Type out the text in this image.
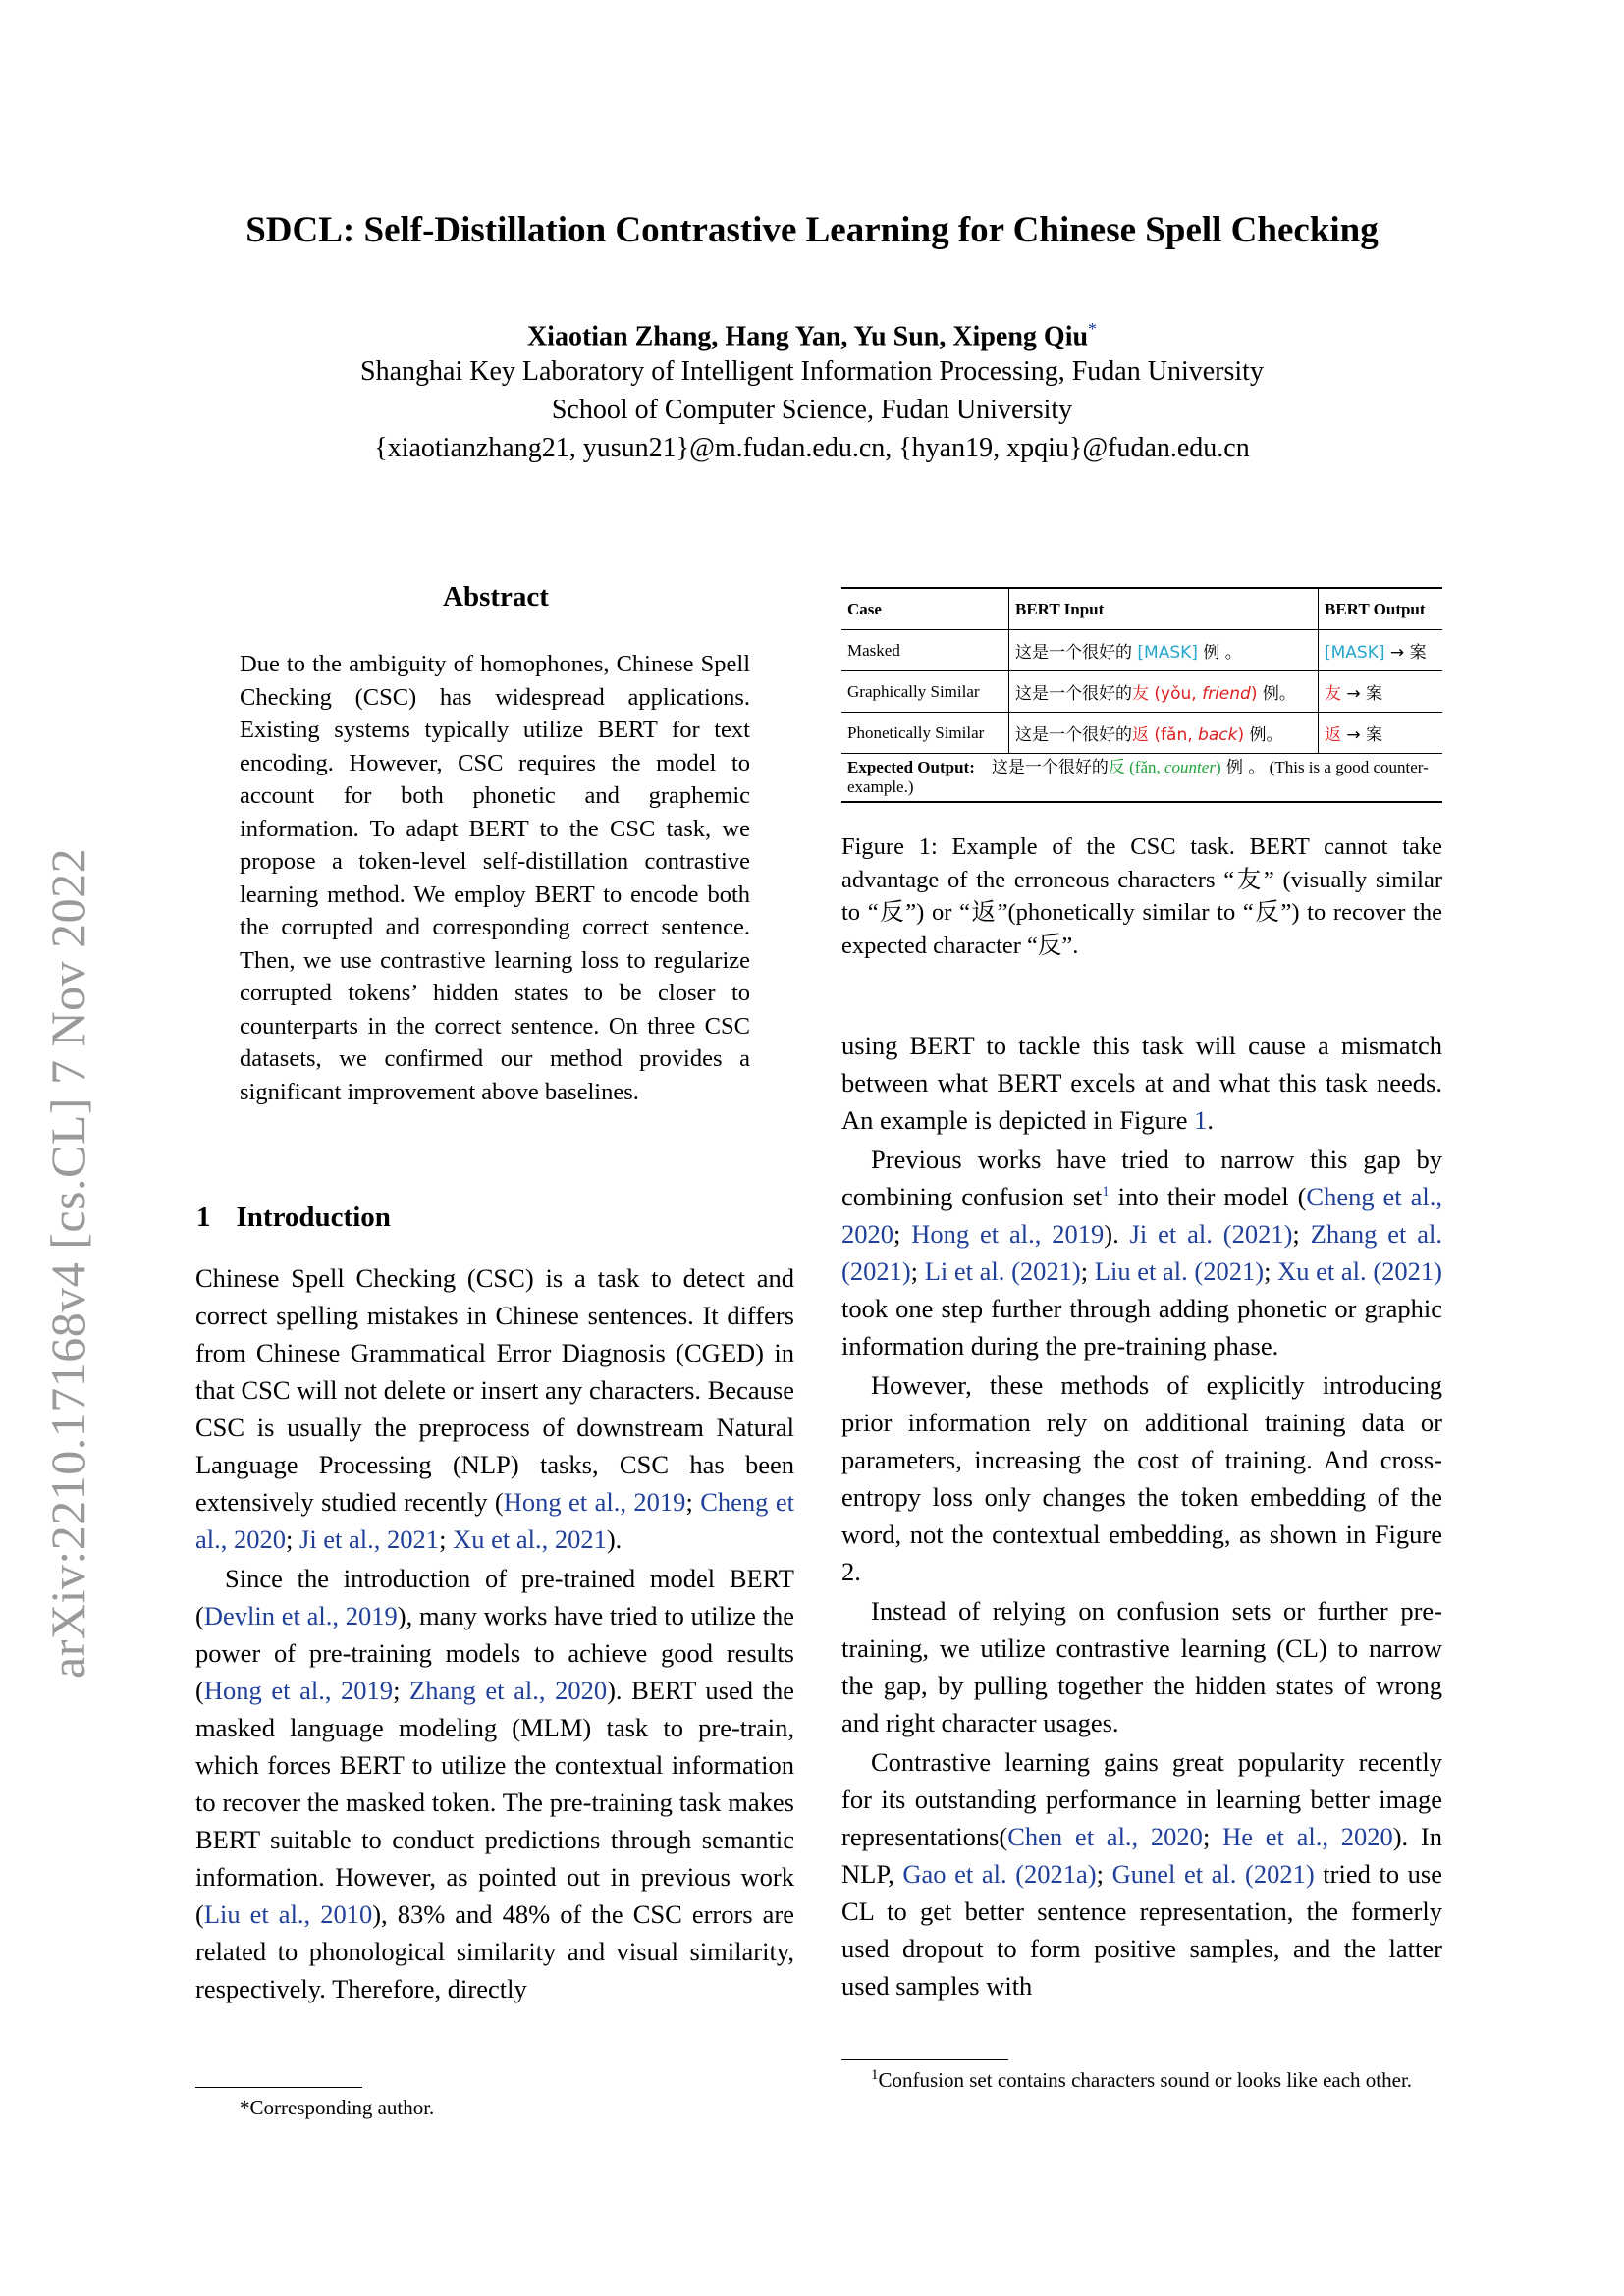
arXiv:2210.17168v4 [cs.CL] 7 Nov 2022
SDCL: Self-Distillation Contrastive Learning for Chinese Spell Checking
Xiaotian Zhang, Hang Yan, Yu Sun, Xipeng Qiu*
Shanghai Key Laboratory of Intelligent Information Processing, Fudan University
School of Computer Science, Fudan University
{xiaotianzhang21, yusun21}@m.fudan.edu.cn, {hyan19, xpqiu}@fudan.edu.cn
Abstract
Due to the ambiguity of homophones, Chinese Spell Checking (CSC) has widespread applications. Existing systems typically utilize BERT for text encoding. However, CSC requires the model to account for both phonetic and graphemic information. To adapt BERT to the CSC task, we propose a token-level self-distillation contrastive learning method. We employ BERT to encode both the corrupted and corresponding correct sentence. Then, we use contrastive learning loss to regularize corrupted tokens’ hidden states to be closer to counterparts in the correct sentence. On three CSC datasets, we confirmed our method provides a significant improvement above baselines.
1 Introduction
Case	BERT Input	BERT Output
Masked	这是一个很好的 [MASK] 例 。	[MASK] → 案
Graphically Similar	这是一个很好的友 (yǒu, friend) 例。	友 → 案
Phonetically Similar	这是一个很好的返 (fǎn, back) 例。	返 → 案
Expected Output: 这是一个很好的反 (fǎn, counter) 例 。 (This is a good counter-example.)		
Figure 1: Example of the CSC task. BERT cannot take advantage of the erroneous characters “友” (visually similar to “反”) or “返”(phonetically similar to “反”) to recover the expected character “反”.

Chinese Spell Checking (CSC) is a task to detect and correct spelling mistakes in Chinese sentences. It differs from Chinese Grammatical Error Diagnosis (CGED) in that CSC will not delete or insert any characters. Because CSC is usually the preprocess of downstream Natural Language Processing (NLP) tasks, CSC has been extensively studied recently (Hong et al., 2019; Cheng et al., 2020; Ji et al., 2021; Xu et al., 2021).

Since the introduction of pre-trained model BERT (Devlin et al., 2019), many works have tried to utilize the power of pre-training models to achieve good results (Hong et al., 2019; Zhang et al., 2020). BERT used the masked language modeling (MLM) task to pre-train, which forces BERT to utilize the contextual information to recover the masked token. The pre-training task makes BERT suitable to conduct predictions through semantic information. However, as pointed out in previous work (Liu et al., 2010), 83% and 48% of the CSC errors are related to phonological similarity and visual similarity, respectively. Therefore, directly

using BERT to tackle this task will cause a mismatch between what BERT excels at and what this task needs. An example is depicted in Figure 1.

Previous works have tried to narrow this gap by combining confusion set$^1$ into their model (Cheng et al., 2020; Hong et al., 2019). Ji et al. (2021); Zhang et al. (2021); Li et al. (2021); Liu et al. (2021); Xu et al. (2021) took one step further through adding phonetic or graphic information during the pre-training phase.

However, these methods of explicitly introducing prior information rely on additional training data or parameters, increasing the cost of training. And cross-entropy loss only changes the token embedding of the word, not the contextual embedding, as shown in Figure 2.

Instead of relying on confusion sets or further pre-training, we utilize contrastive learning (CL) to narrow the gap, by pulling together the hidden states of wrong and right character usages.

Contrastive learning gains great popularity recently for its outstanding performance in learning better image representations(Chen et al., 2020; He et al., 2020). In NLP, Gao et al. (2021a); Gunel et al. (2021) tried to use CL to get better sentence representation, the formerly used dropout to form positive samples, and the latter used samples with

*Corresponding author.
$^1$Confusion set contains characters sound or looks like each other.
